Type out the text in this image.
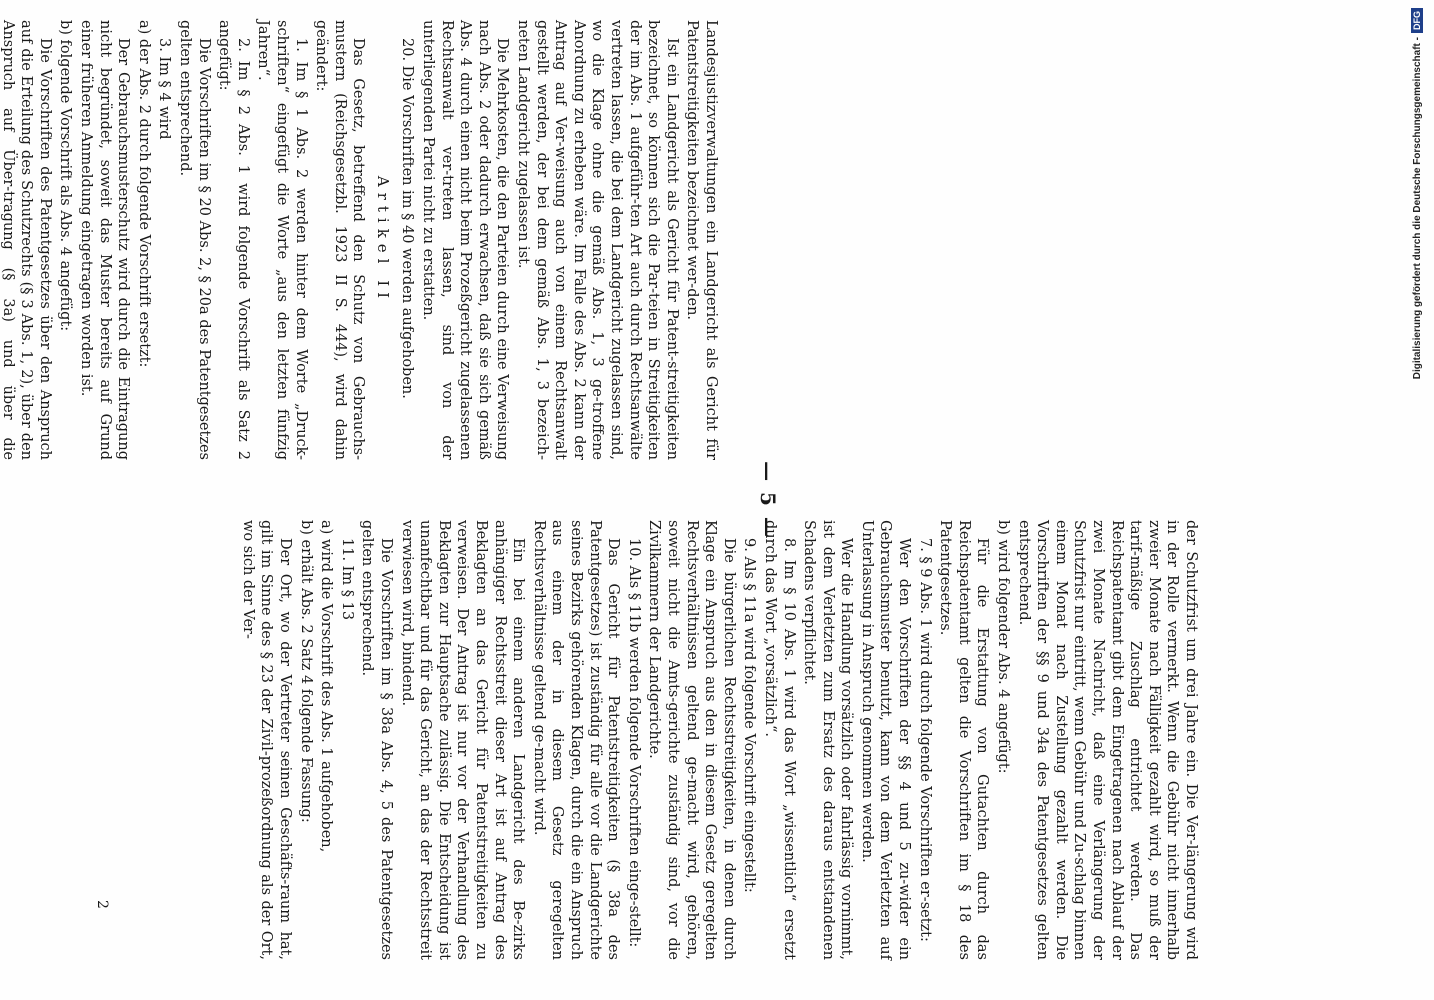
— 5 —

Landesjustizverwaltungen ein Landgericht als Gericht für Patentstreitigkeiten bezeichnet wer-den.

Ist ein Landgericht als Gericht für Patent-streitigkeiten bezeichnet, so können sich die Par-teien in Streitigkeiten der im Abs. 1 aufgeführ-ten Art auch durch Rechtsanwälte vertreten lassen, die bei dem Landgericht zugelassen sind, wo die Klage ohne die gemäß Abs. 1, 3 ge-troffene Anordnung zu erheben wäre. Im Falle des Abs. 2 kann der Antrag auf Ver-weisung auch von einem Rechtsanwalt gestellt werden, der bei dem gemäß Abs. 1, 3 bezeich-neten Landgericht zugelassen ist.

Die Mehrkosten, die den Parteien durch eine Verweisung nach Abs. 2 oder dadurch erwachsen, daß sie sich gemäß Abs. 4 durch einen nicht beim Prozeßgericht zugelassenen Rechtsanwalt ver-treten lassen, sind von der unterliegenden Partei nicht zu erstatten.

20. Die Vorschriften im § 40 werden aufgehoben.

Artikel II

Das Gesetz, betreffend den Schutz von Gebrauchs-mustern (Reichsgesetzbl. 1923 II S. 444), wird dahin geändert:

1. Im § 1 Abs. 2 werden hinter dem Worte „Druck-schriften“ eingefügt die Worte „aus den letzten fünfzig Jahren“.

2. Im § 2 Abs. 1 wird folgende Vorschrift als Satz 2 angefügt:

Die Vorschriften im § 20 Abs. 2, § 20a des Patentgesetzes gelten entsprechend.

3. Im § 4 wird

a) der Abs. 2 durch folgende Vorschrift ersetzt:

Der Gebrauchsmusterschutz wird durch die Eintragung nicht begründet, soweit das Muster bereits auf Grund einer früheren Anmeldung eingetragen worden ist.

b) folgende Vorschrift als Abs. 4 angefügt:

Die Vorschriften des Patentgesetzes über den Anspruch auf die Erteilung des Schutzrechts (§ 3 Abs. 1, 2), über den Anspruch auf Über-tragung (§ 3a) und über die

der Schutzfrist um drei Jahre ein. Die Ver-längerung wird in der Rolle vermerkt. Wenn die Gebühr nicht innerhalb zweier Monate nach Fälligkeit gezahlt wird, so muß der tarif-mäßige Zuschlag entrichtet werden. Das Reichspatentamt gibt dem Eingetragenen nach Ablauf der zwei Monate Nachricht, daß eine Verlängerung der Schutzfrist nur eintritt, wenn Gebühr und Zu-schlag binnen einem Monat nach Zustellung gezahlt werden. Die Vorschriften der §§ 9 und 34a des Patentgesetzes gelten entsprechend.

b) wird folgender Abs. 4 angefügt:

Für die Erstattung von Gutachten durch das Reichspatentamt gelten die Vorschriften im § 18 des Patentgesetzes.

7. § 9 Abs. 1 wird durch folgende Vorschriften er-setzt:

Wer den Vorschriften der §§ 4 und 5 zu-wider ein Gebrauchsmuster benutzt, kann von dem Verletzten auf Unterlassung in Anspruch genommen werden.

Wer die Handlung vorsätzlich oder fahrlässig vornimmt, ist dem Verletzten zum Ersatz des daraus entstandenen Schadens verpflichtet.

8. Im § 10 Abs. 1 wird das Wort „wissentlich“ ersetzt durch das Wort „vorsätzlich“.

9. Als § 11a wird folgende Vorschrift eingestellt:

Die bürgerlichen Rechtsstreitigkeiten, in denen durch Klage ein Anspruch aus den in diesem Gesetz geregelten Rechtsverhältnissen geltend ge-macht wird, gehören, soweit nicht die Amts-gerichte zuständig sind, vor die Zivilkammern der Landgerichte.

10. Als § 11b werden folgende Vorschriften einge-stellt:

Das Gericht für Patentstreitigkeiten (§ 38a des Patentgesetzes) ist zuständig für alle vor die Landgerichte seines Bezirks gehörenden Klagen, durch die ein Anspruch aus einem der in diesem Gesetz geregelten Rechtsverhältnisse geltend ge-macht wird.

Ein bei einem anderen Landgericht des Be-zirks anhängiger Rechtsstreit dieser Art ist auf Antrag des Beklagten an das Gericht für Patentstreitigkeiten zu verweisen. Der Antrag ist nur vor der Verhandlung des Beklagten zur Hauptsache zulässig. Die Entscheidung ist unanfechtbar und für das Gericht, an das der Rechtsstreit verwiesen wird, bindend.

Die Vorschriften im § 38a Abs. 4, 5 des Patentgesetzes gelten entsprechend.

11. Im § 13

a) wird die Vorschrift des Abs. 1 aufgehoben,

b) erhält Abs. 2 Satz 4 folgende Fassung:

Der Ort, wo der Vertreter seinen Geschäfts-raum hat, gilt im Sinne des § 23 der Zivil-prozeßordnung als der Ort, wo sich der Ver-

2
Digitalisierung gefördert durch die Deutsche Forschungsgemeinschaft -DFG
